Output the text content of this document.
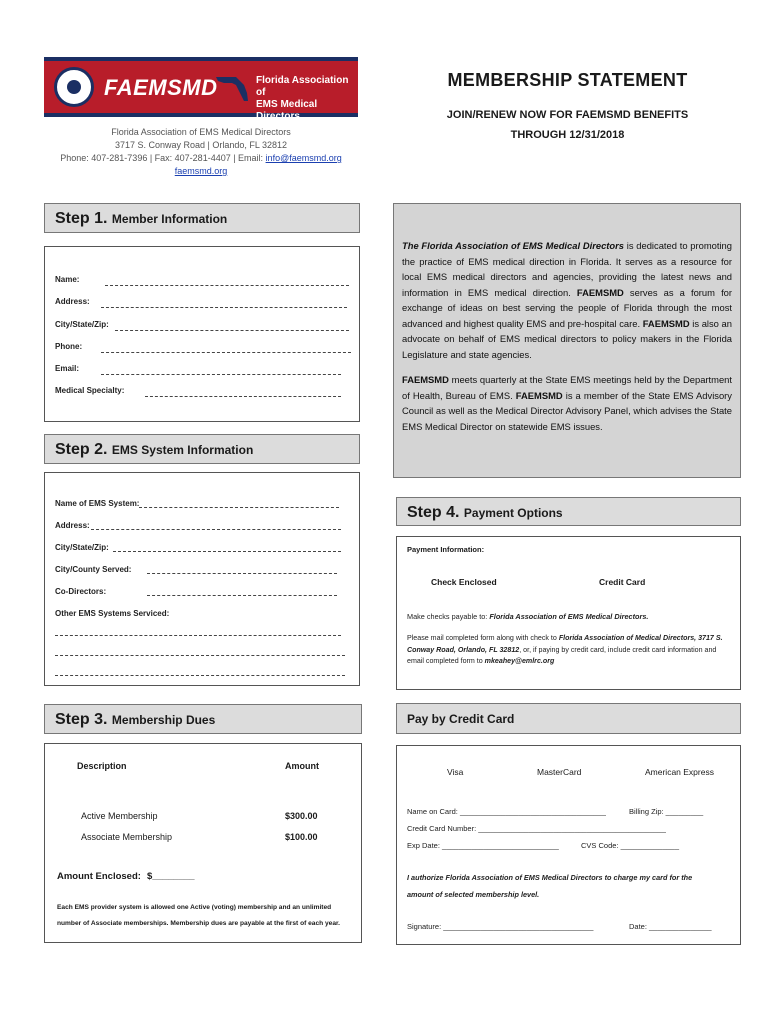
FAEMSMD	Florida Association of
EMS Medical Directors
Florida Association of EMS Medical Directors
3717 S. Conway Road | Orlando, FL 32812
Phone: 407-281-7396 | Fax: 407-281-4407 | Email: info@faemsmd.org
faemsmd.org
MEMBERSHIP STATEMENT
JOIN/RENEW NOW FOR FAEMSMD BENEFITS
THROUGH 12/31/2018
Step 1. Member Information
Name:
Address:
City/State/Zip:
Phone:
Email:
Medical Specialty:
Step 2. EMS System Information
Name of EMS System:
Address:
City/State/Zip:
City/County Served:
Co-Directors:
Other EMS Systems Serviced:
Step 3. Membership Dues
Description	Amount
Active Membership	$300.00
Associate Membership	$100.00
Amount Enclosed: $________
Each EMS provider system is allowed one Active (voting) membership and an unlimited
number of Associate memberships. Membership dues are payable at the first of each year.

The Florida Association of EMS Medical Directors is dedicated to promoting the practice of EMS medical direction in Florida. It serves as a resource for local EMS medical directors and agencies, providing the latest news and information in EMS medical direction. FAEMSMD serves as a forum for exchange of ideas on best serving the people of Florida through the most advanced and highest quality EMS and pre-hospital care. FAEMSMD is also an advocate on behalf of EMS medical directors to policy makers in the Florida Legislature and state agencies.

FAEMSMD meets quarterly at the State EMS meetings held by the Department of Health, Bureau of EMS. FAEMSMD is a member of the State EMS Advisory Council as well as the Medical Director Advisory Panel, which advises the State EMS Medical Director on statewide EMS issues.

Step 4. Payment Options
Payment Information:
Check Enclosed	Credit Card
Make checks payable to: Florida Association of EMS Medical Directors.
Please mail completed form along with check to Florida Association of Medical Directors, 3717 S. Conway Road, Orlando, FL 32812, or, if paying by credit card, include credit card information and email completed form to mkeahey@emlrc.org
Pay by Credit Card
Visa	MasterCard	American Express
Name on Card: ___________________________________	Billing Zip: _________
Credit Card Number: _____________________________________________
Exp Date: ____________________________	CVS Code: ______________
I authorize Florida Association of EMS Medical Directors to charge my card for the
amount of selected membership level.
Signature: ____________________________________	Date: _______________
